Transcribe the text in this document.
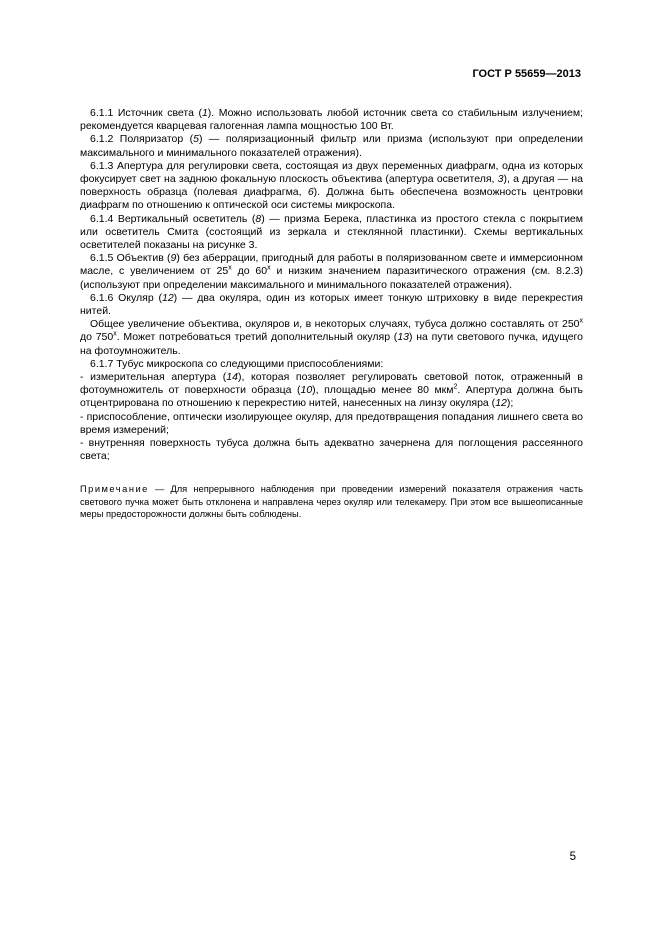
ГОСТ Р 55659—2013

6.1.1 Источник света (1). Можно использовать любой источник света со стабильным излучением; рекомендуется кварцевая галогенная лампа мощностью 100 Вт.

6.1.2 Поляризатор (5) — поляризационный фильтр или призма (используют при определении максимального и минимального показателей отражения).

6.1.3 Апертура для регулировки света, состоящая из двух переменных диафрагм, одна из которых фокусирует свет на заднюю фокальную плоскость объектива (апертура осветителя, 3), а другая — на поверхность образца (полевая диафрагма, 6). Должна быть обеспечена возможность центровки диафрагм по отношению к оптической оси системы микроскопа.

6.1.4 Вертикальный осветитель (8) — призма Берека, пластинка из простого стекла с покрытием или осветитель Смита (состоящий из зеркала и стеклянной пластинки). Схемы вертикальных осветителей показаны на рисунке 3.

6.1.5 Объектив (9) без аберрации, пригодный для работы в поляризованном свете и иммерсионном масле, с увеличением от $25^х$ до $60^х$ и низким значением паразитического отражения (см. 8.2.3) (используют при определении максимального и минимального показателей отражения).

6.1.6 Окуляр (12) — два окуляра, один из которых имеет тонкую штриховку в виде перекрестия нитей.

Общее увеличение объектива, окуляров и, в некоторых случаях, тубуса должно составлять от $250^х$ до $750^х$. Может потребоваться третий дополнительный окуляр (13) на пути светового пучка, идущего на фотоумножитель.

6.1.7 Тубус микроскопа со следующими приспособлениями:

- измерительная апертура (14), которая позволяет регулировать световой поток, отраженный в фотоумножитель от поверхности образца (10), площадью менее 80 мкм$^2$. Апертура должна быть отцентрирована по отношению к перекрестию нитей, нанесенных на линзу окуляра (12);

- приспособление, оптически изолирующее окуляр, для предотвращения попадания лишнего света во время измерений;

- внутренняя поверхность тубуса должна быть адекватно зачернена для поглощения рассеянного света;

Примечание — Для непрерывного наблюдения при проведении измерений показателя отражения часть светового пучка может быть отклонена и направлена через окуляр или телекамеру. При этом все вышеописанные меры предосторожности должны быть соблюдены.

5
